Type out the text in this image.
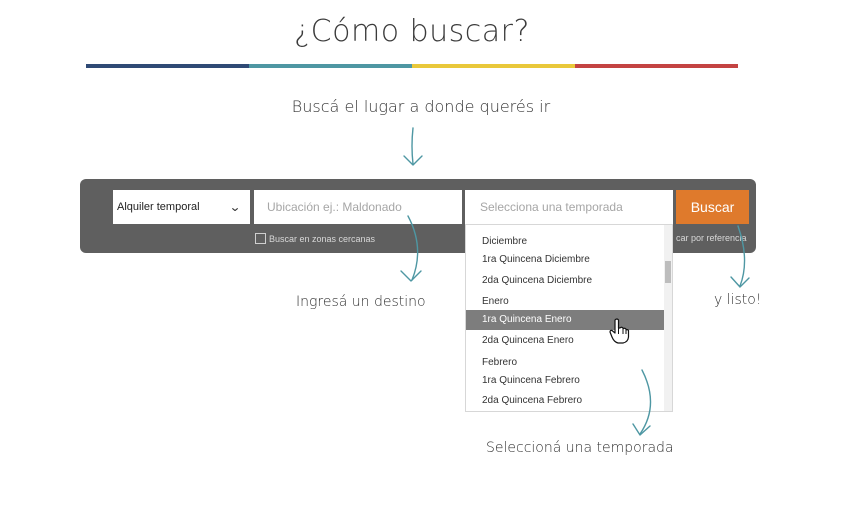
¿Cómo buscar?
Buscá el lugar a donde querés ir
Alquiler temporal ⌄
Ubicación ej.: Maldonado	Selecciona una temporada	Buscar
Buscar en zonas cercanas	car por referencia
Diciembre
1ra Quincena Diciembre
2da Quincena Diciembre
Enero
1ra Quincena Enero
2da Quincena Enero
Febrero
1ra Quincena Febrero
2da Quincena Febrero
Ingresá un destino	y listo!
Seleccioná una temporada
